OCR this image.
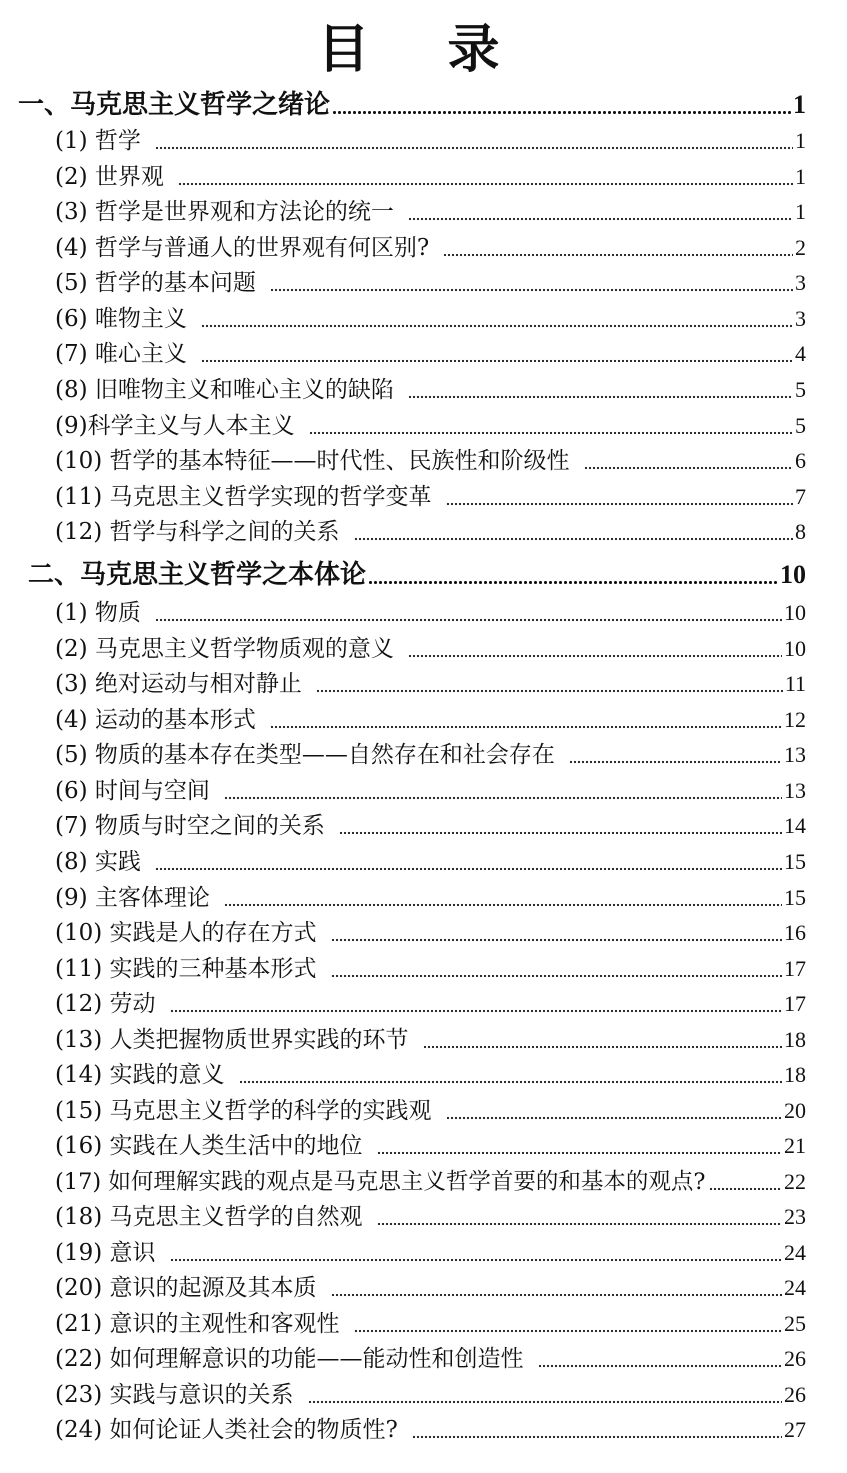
目 录
一、马克思主义哲学之绪论	1
(1) 哲学	1
(2) 世界观	1
(3) 哲学是世界观和方法论的统一	1
(4) 哲学与普通人的世界观有何区别?	2
(5) 哲学的基本问题	3
(6) 唯物主义	3
(7) 唯心主义	4
(8) 旧唯物主义和唯心主义的缺陷	5
(9)科学主义与人本主义	5
(10) 哲学的基本特征——时代性、民族性和阶级性	6
(11) 马克思主义哲学实现的哲学变革	7
(12) 哲学与科学之间的关系	8
二、马克思主义哲学之本体论	10
(1) 物质	10
(2) 马克思主义哲学物质观的意义	10
(3) 绝对运动与相对静止	11
(4) 运动的基本形式	12
(5) 物质的基本存在类型——自然存在和社会存在	13
(6) 时间与空间	13
(7) 物质与时空之间的关系	14
(8) 实践	15
(9) 主客体理论	15
(10) 实践是人的存在方式	16
(11) 实践的三种基本形式	17
(12) 劳动	17
(13) 人类把握物质世界实践的环节	18
(14) 实践的意义	18
(15) 马克思主义哲学的科学的实践观	20
(16) 实践在人类生活中的地位	21
(17) 如何理解实践的观点是马克思主义哲学首要的和基本的观点?	22
(18) 马克思主义哲学的自然观	23
(19) 意识	24
(20) 意识的起源及其本质	24
(21) 意识的主观性和客观性	25
(22) 如何理解意识的功能——能动性和创造性	26
(23) 实践与意识的关系	26
(24) 如何论证人类社会的物质性?	27
